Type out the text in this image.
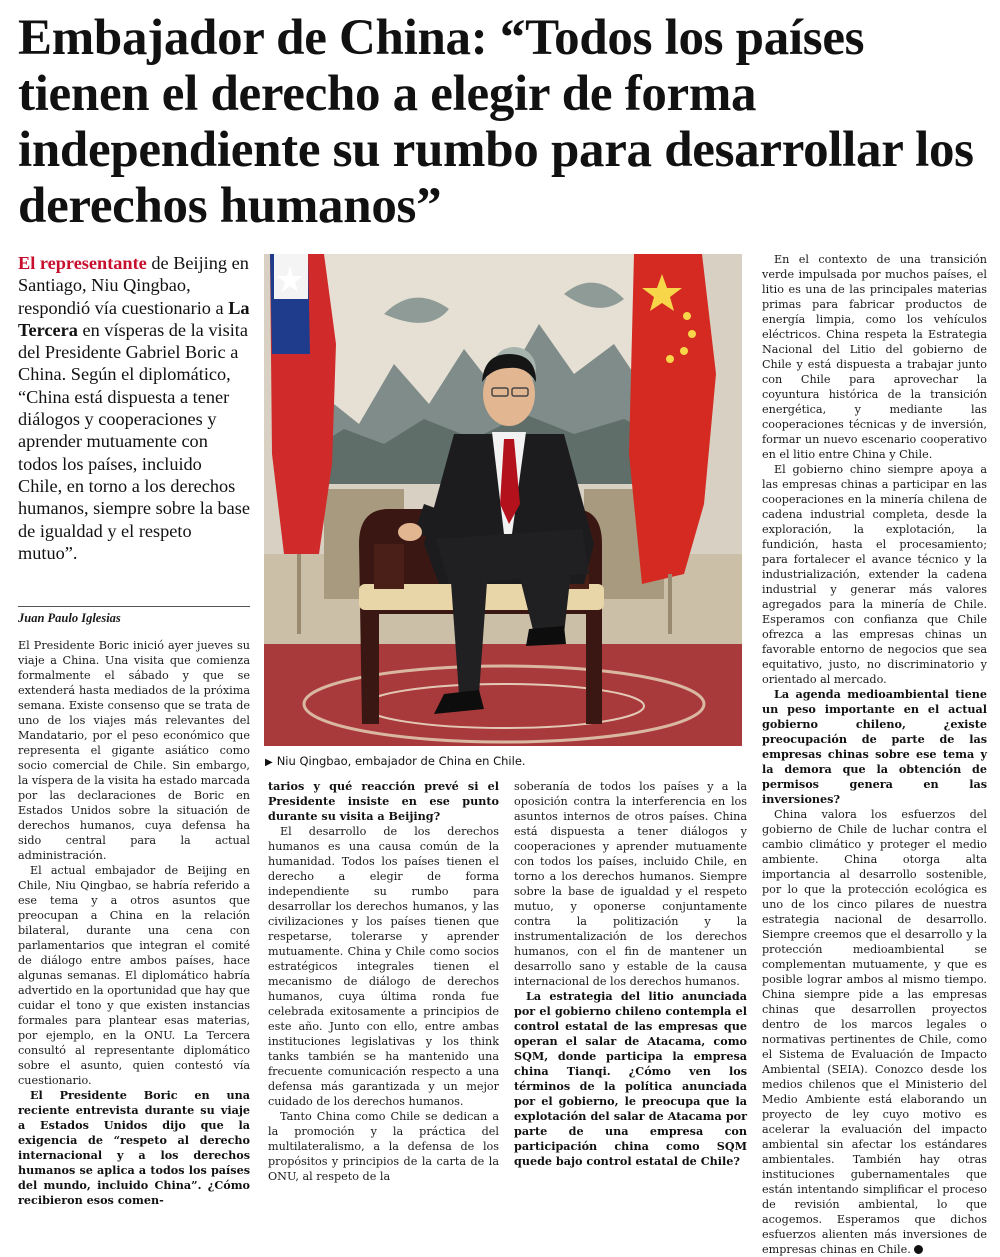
Embajador de China: “Todos los países tienen el derecho a elegir de forma independiente su rumbo para desarrollar los derechos humanos”

El representante de Beijing en Santiago, Niu Qingbao, respondió vía cuestionario a La Tercera en vísperas de la visita del Presidente Gabriel Boric a China. Según el diplomático, “China está dispuesta a tener diálogos y cooperaciones y aprender mutuamente con todos los países, incluido Chile, en torno a los derechos humanos, siempre sobre la base de igualdad y el respeto mutuo”.

Juan Paulo Iglesias

El Presidente Boric inició ayer jueves su viaje a China. Una visita que comienza formalmente el sábado y que se extenderá hasta mediados de la próxima semana. Existe consenso que se trata de uno de los viajes más relevantes del Mandatario, por el peso económico que representa el gigante asiático como socio comercial de Chile. Sin embargo, la víspera de la visita ha estado marcada por las declaraciones de Boric en Estados Unidos sobre la situación de derechos humanos, cuya defensa ha sido central para la actual administración.

El actual embajador de Beijing en Chile, Niu Qingbao, se habría referido a ese tema y a otros asuntos que preocupan a China en la relación bilateral, durante una cena con parlamentarios que integran el comité de diálogo entre ambos países, hace algunas semanas. El diplomático habría advertido en la oportunidad que hay que cuidar el tono y que existen instancias formales para plantear esas materias, por ejemplo, en la ONU. La Tercera consultó al representante diplomático sobre el asunto, quien contestó vía cuestionario.

El Presidente Boric en una reciente entrevista durante su viaje a Estados Unidos dijo que la exigencia de “respeto al derecho internacional y a los derechos humanos se aplica a todos los países del mundo, incluido China”. ¿Cómo recibieron esos comen-

▶ Niu Qingbao, embajador de China en Chile.

tarios y qué reacción prevé si el Presidente insiste en ese punto durante su visita a Beijing?

El desarrollo de los derechos humanos es una causa común de la humanidad. Todos los países tienen el derecho a elegir de forma independiente su rumbo para desarrollar los derechos humanos, y las civilizaciones y los países tienen que respetarse, tolerarse y aprender mutuamente. China y Chile como socios estratégicos integrales tienen el mecanismo de diálogo de derechos humanos, cuya última ronda fue celebrada exitosamente a principios de este año. Junto con ello, entre ambas instituciones legislativas y los think tanks también se ha mantenido una frecuente comunicación respecto a una defensa más garantizada y un mejor cuidado de los derechos humanos.

Tanto China como Chile se dedican a la promoción y la práctica del multilateralismo, a la defensa de los propósitos y principios de la carta de la ONU, al respeto de la

soberanía de todos los países y a la oposición contra la interferencia en los asuntos internos de otros países. China está dispuesta a tener diálogos y cooperaciones y aprender mutuamente con todos los países, incluido Chile, en torno a los derechos humanos. Siempre sobre la base de igualdad y el respeto mutuo, y oponerse conjuntamente contra la politización y la instrumentalización de los derechos humanos, con el fin de mantener un desarrollo sano y estable de la causa internacional de los derechos humanos.

La estrategia del litio anunciada por el gobierno chileno contempla el control estatal de las empresas que operan el salar de Atacama, como SQM, donde participa la empresa china Tianqi. ¿Cómo ven los términos de la política anunciada por el gobierno, le preocupa que la explotación del salar de Atacama por parte de una empresa con participación china como SQM quede bajo control estatal de Chile?

En el contexto de una transición verde impulsada por muchos países, el litio es una de las principales materias primas para fabricar productos de energía limpia, como los vehículos eléctricos. China respeta la Estrategia Nacional del Litio del gobierno de Chile y está dispuesta a trabajar junto con Chile para aprovechar la coyuntura histórica de la transición energética, y mediante las cooperaciones técnicas y de inversión, formar un nuevo escenario cooperativo en el litio entre China y Chile.

El gobierno chino siempre apoya a las empresas chinas a participar en las cooperaciones en la minería chilena de cadena industrial completa, desde la exploración, la explotación, la fundición, hasta el procesamiento; para fortalecer el avance técnico y la industrialización, extender la cadena industrial y generar más valores agregados para la minería de Chile. Esperamos con confianza que Chile ofrezca a las empresas chinas un favorable entorno de negocios que sea equitativo, justo, no discriminatorio y orientado al mercado.

La agenda medioambiental tiene un peso importante en el actual gobierno chileno, ¿existe preocupación de parte de las empresas chinas sobre ese tema y la demora que la obtención de permisos genera en las inversiones?

China valora los esfuerzos del gobierno de Chile de luchar contra el cambio climático y proteger el medio ambiente. China otorga alta importancia al desarrollo sostenible, por lo que la protección ecológica es uno de los cinco pilares de nuestra estrategia nacional de desarrollo. Siempre creemos que el desarrollo y la protección medioambiental se complementan mutuamente, y que es posible lograr ambos al mismo tiempo. China siempre pide a las empresas chinas que desarrollen proyectos dentro de los marcos legales o normativas pertinentes de Chile, como el Sistema de Evaluación de Impacto Ambiental (SEIA). Conozco desde los medios chilenos que el Ministerio del Medio Ambiente está elaborando un proyecto de ley cuyo motivo es acelerar la evaluación del impacto ambiental sin afectar los estándares ambientales. También hay otras instituciones gubernamentales que están intentando simplificar el proceso de revisión ambiental, lo que acogemos. Esperamos que dichos esfuerzos alienten más inversiones de empresas chinas en Chile.
